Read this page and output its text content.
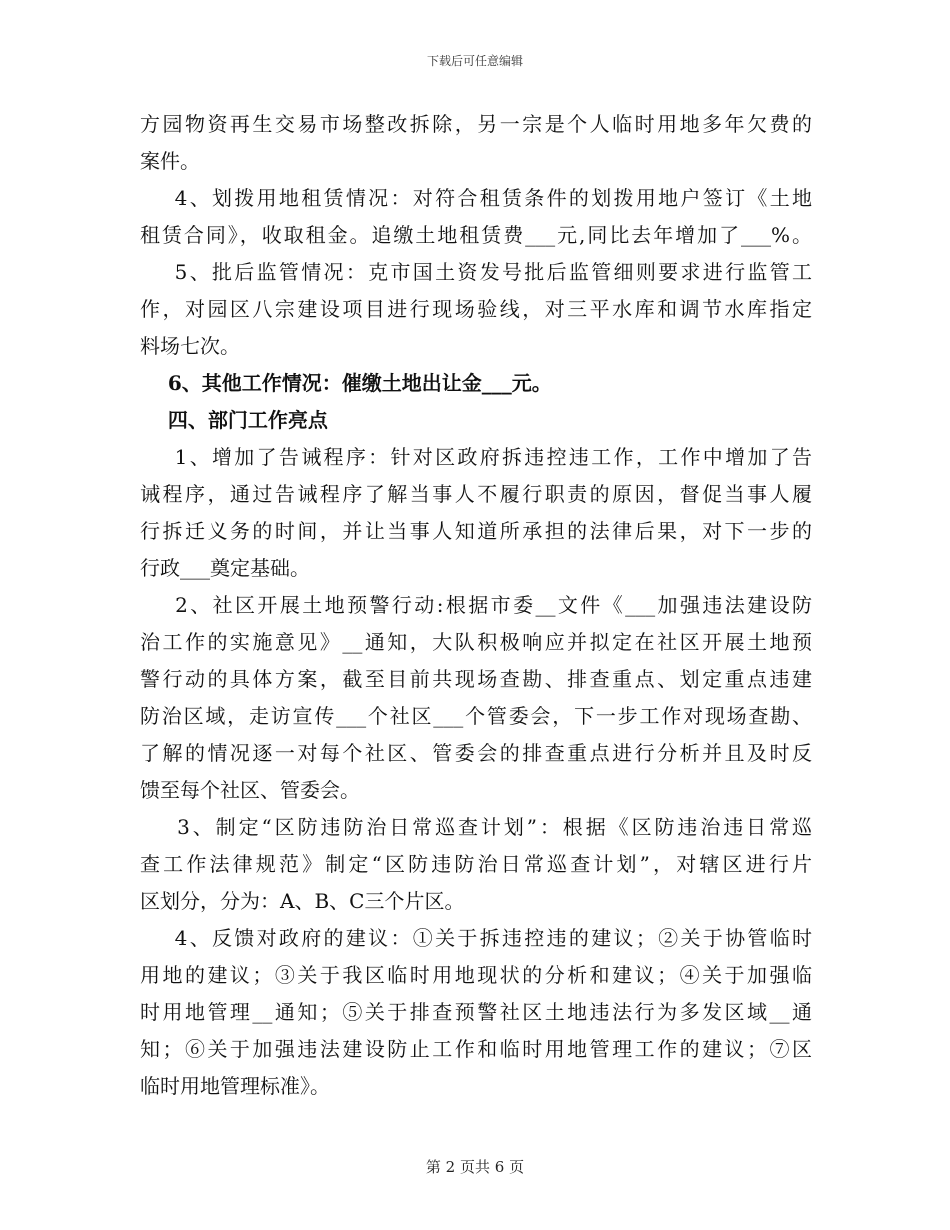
下载后可任意编辑
方园物资再生交易市场整改拆除，另一宗是个人临时用地多年欠费的
案件。
4、划拨用地租赁情况：对符合租赁条件的划拨用地户签订《土地
租赁合同》，收取租金。追缴土地租赁费___元,同比去年增加了___%。
5、批后监管情况：克市国土资发号批后监管细则要求进行监管工
作，对园区八宗建设项目进行现场验线，对三平水库和调节水库指定
料场七次。
6、其他工作情况：催缴土地出让金___元。
四、部门工作亮点
1、增加了告诫程序：针对区政府拆违控违工作，工作中增加了告
诫程序，通过告诫程序了解当事人不履行职责的原因，督促当事人履
行拆迁义务的时间，并让当事人知道所承担的法律后果，对下一步的
行政___奠定基础。
2、社区开展土地预警行动:根据市委__文件《___加强违法建设防
治工作的实施意见》__通知，大队积极响应并拟定在社区开展土地预
警行动的具体方案，截至目前共现场查勘、排查重点、划定重点违建
防治区域，走访宣传___个社区___个管委会，下一步工作对现场查勘、
了解的情况逐一对每个社区、管委会的排查重点进行分析并且及时反
馈至每个社区、管委会。
3、制定“区防违防治日常巡查计划”：根据《区防违治违日常巡
查工作法律规范》制定“区防违防治日常巡查计划”，对辖区进行片
区划分，分为：A、B、C三个片区。
4、反馈对政府的建议：①关于拆违控违的建议；②关于协管临时
用地的建议；③关于我区临时用地现状的分析和建议；④关于加强临
时用地管理__通知；⑤关于排查预警社区土地违法行为多发区域__通
知；⑥关于加强违法建设防止工作和临时用地管理工作的建议；⑦区
临时用地管理标准》。
第 2 页共 6 页
